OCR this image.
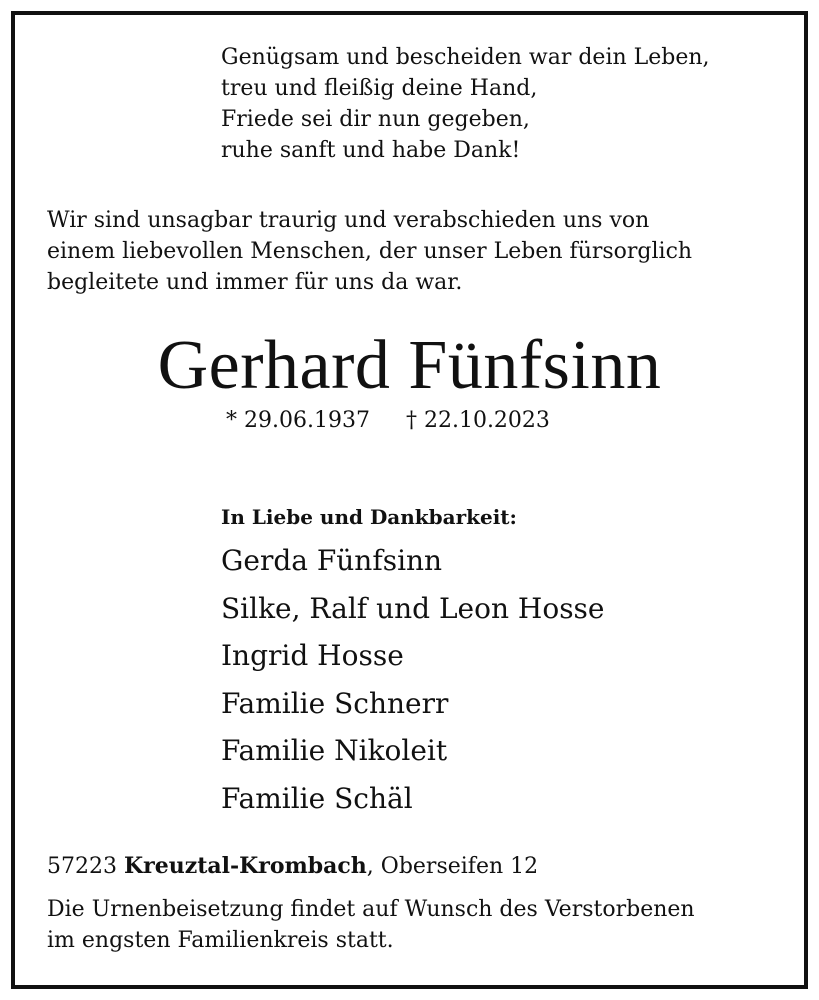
Genügsam und bescheiden war dein Leben,
treu und fleißig deine Hand,
Friede sei dir nun gegeben,
ruhe sanft und habe Dank!
Wir sind unsagbar traurig und verabschieden uns von
einem liebevollen Menschen, der unser Leben fürsorglich
begleitete und immer für uns da war.
Gerhard Fünfsinn
* 29.06.1937 † 22.10.2023
In Liebe und Dankbarkeit:
Gerda Fünfsinn
Silke, Ralf und Leon Hosse
Ingrid Hosse
Familie Schnerr
Familie Nikoleit
Familie Schäl
57223 Kreuztal-Krombach, Oberseifen 12
Die Urnenbeisetzung findet auf Wunsch des Verstorbenen
im engsten Familienkreis statt.
